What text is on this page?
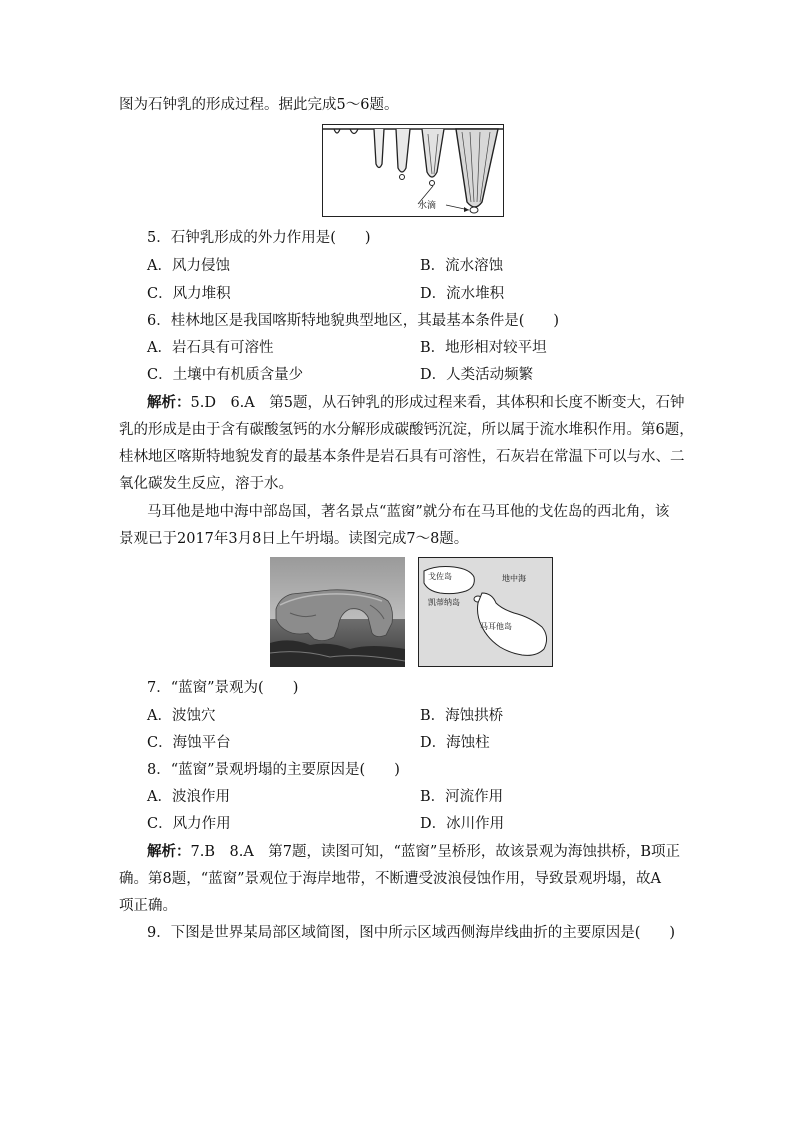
图为石钟乳的形成过程。据此完成5～6题。
水滴
5．石钟乳形成的外力作用是(　　)
A．风力侵蚀	B．流水溶蚀
C．风力堆积	D．流水堆积
6．桂林地区是我国喀斯特地貌典型地区，其最基本条件是(　　)
A．岩石具有可溶性	B．地形相对较平坦
C．土壤中有机质含量少	D．人类活动频繁
解析：5.D　6.A　第5题，从石钟乳的形成过程来看，其体积和长度不断变大，石钟
乳的形成是由于含有碳酸氢钙的水分解形成碳酸钙沉淀，所以属于流水堆积作用。第6题，
桂林地区喀斯特地貌发育的最基本条件是岩石具有可溶性，石灰岩在常温下可以与水、二
氧化碳发生反应，溶于水。
马耳他是地中海中部岛国，著名景点“蓝窗”就分布在马耳他的戈佐岛的西北角，该
景观已于2017年3月8日上午坍塌。读图完成7～8题。
戈佐岛	地中海
凯蒂纳岛
马耳他岛
7．“蓝窗”景观为(　　)
A．波蚀穴	B．海蚀拱桥
C．海蚀平台	D．海蚀柱
8．“蓝窗”景观坍塌的主要原因是(　　)
A．波浪作用	B．河流作用
C．风力作用	D．冰川作用
解析：7.B　8.A　第7题，读图可知，“蓝窗”呈桥形，故该景观为海蚀拱桥，B项正
确。第8题，“蓝窗”景观位于海岸地带，不断遭受波浪侵蚀作用，导致景观坍塌，故A
项正确。
9．下图是世界某局部区域简图，图中所示区域西侧海岸线曲折的主要原因是(　　)
